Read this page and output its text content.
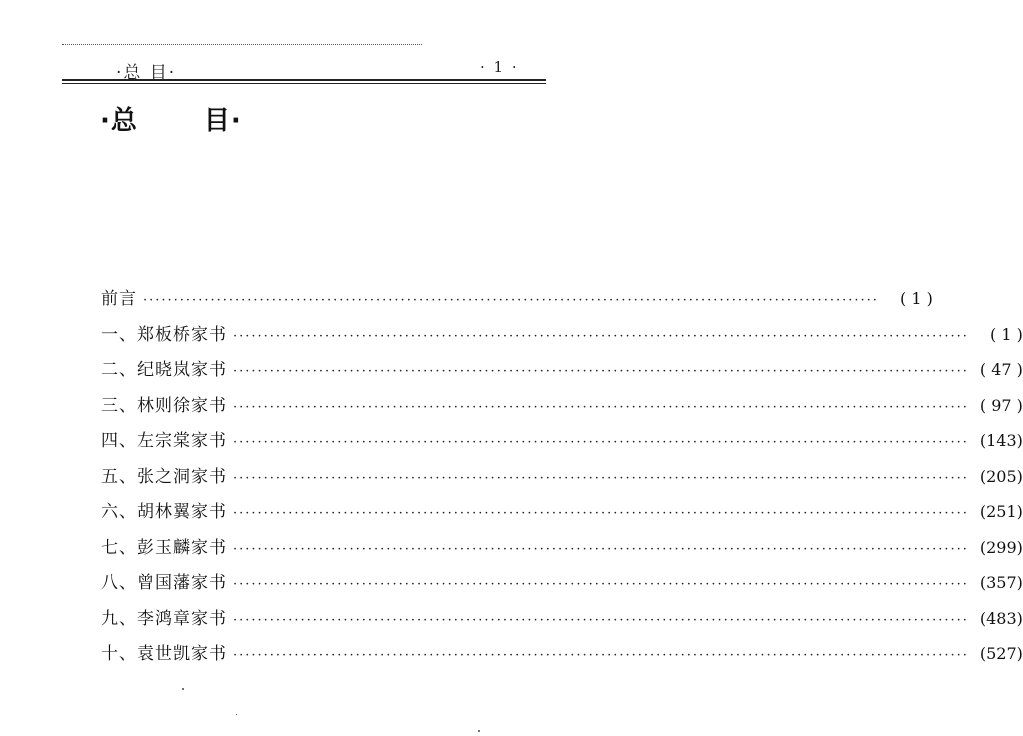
·总 目·	· 1 ·
·总	目·
前言 ························································································································	( 1 )
一、郑板桥家书 ························································································································	( 1 )
二、纪晓岚家书 ························································································································ ( 47 )
三、林则徐家书 ························································································································ ( 97 )
四、左宗棠家书 ························································································································ (143)
五、张之洞家书 ························································································································ (205)
六、胡林翼家书 ························································································································ (251)
七、彭玉麟家书 ························································································································ (299)
八、曾国藩家书 ························································································································ (357)
九、李鸿章家书 ························································································································ (483)
十、袁世凯家书 ························································································································ (527)
